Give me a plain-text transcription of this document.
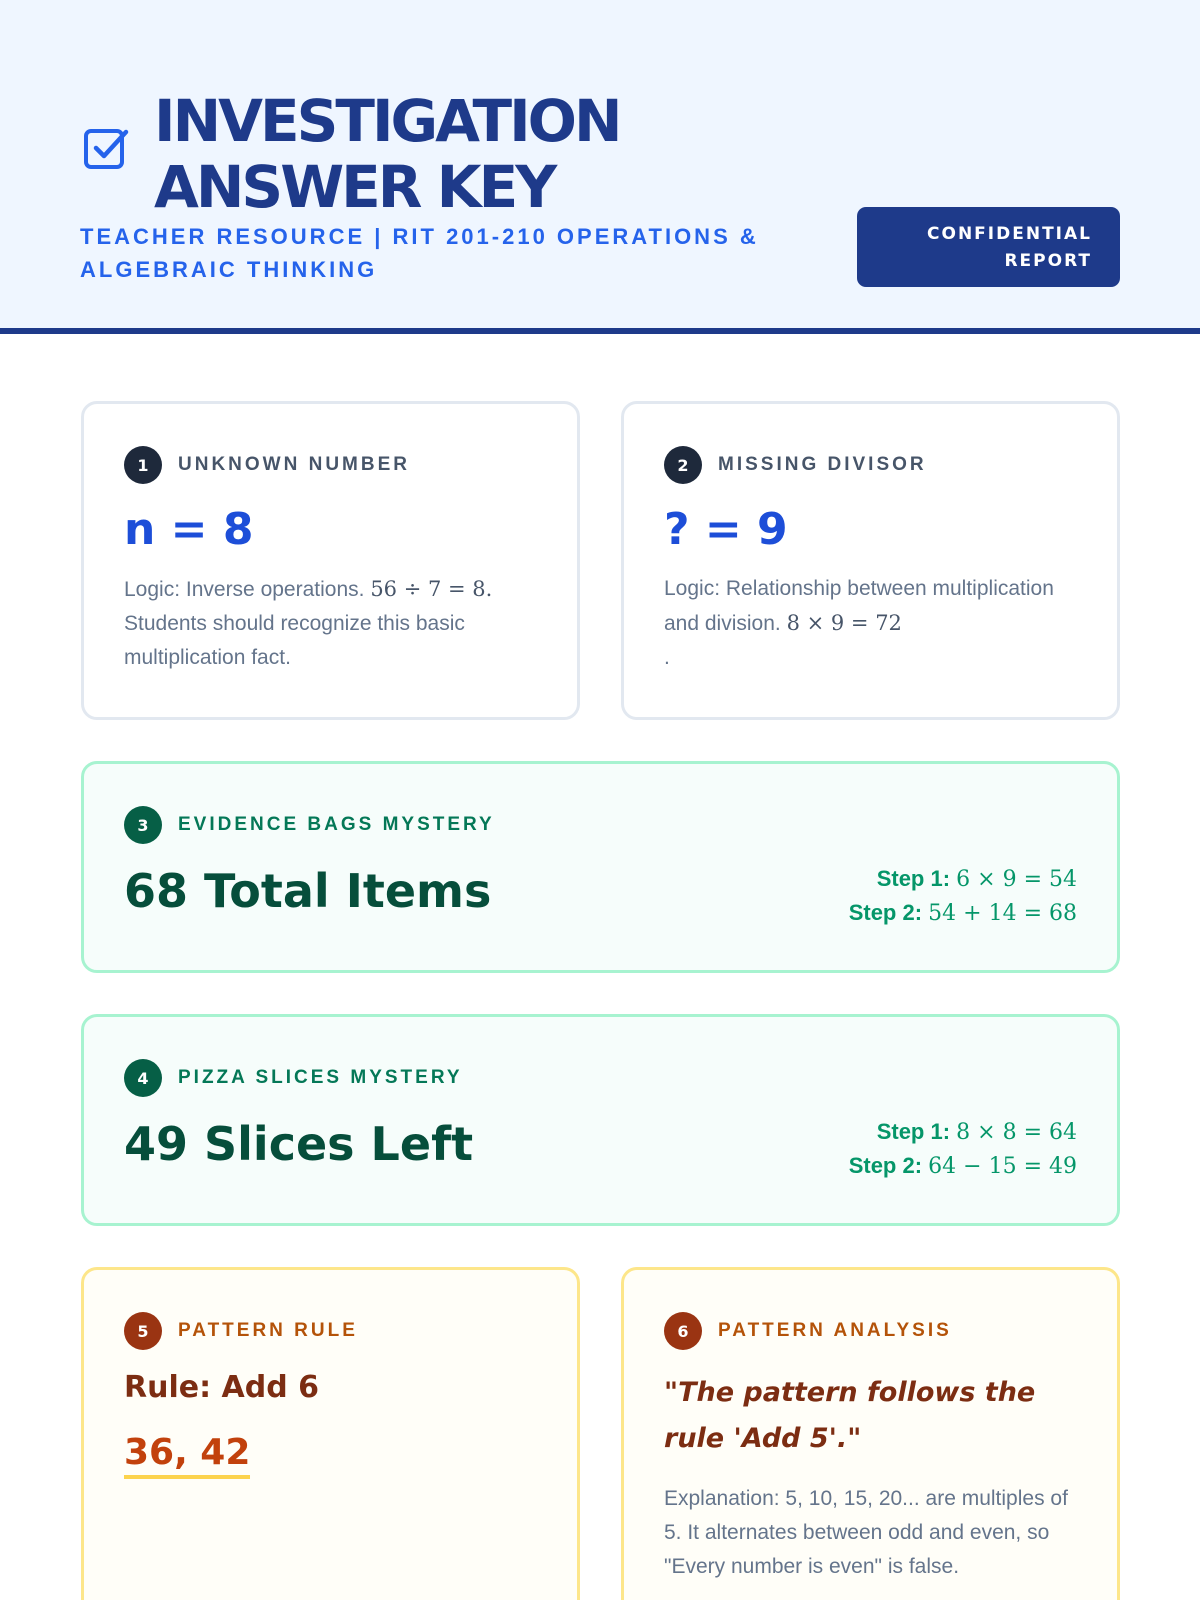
INVESTIGATION
ANSWER KEY
TEACHER RESOURCE | RIT 201-210 OPERATIONS & ALGEBRAIC THINKING
CONFIDENTIAL
REPORT
1	UNKNOWN NUMBER
n = 8
Logic: Inverse operations. 56 ÷ 7 = 8. Students should recognize this basic multiplication fact.
2	MISSING DIVISOR
? = 9
Logic: Relationship between multiplication and division. 8 × 9 = 72
.
3	EVIDENCE BAGS MYSTERY
68 Total Items	Step 1: 6 × 9 = 54
Step 2: 54 + 14 = 68
4	PIZZA SLICES MYSTERY
49 Slices Left	Step 1: 8 × 8 = 64
Step 2: 64 − 15 = 49
5	PATTERN RULE
Rule: Add 6
36, 42
6	PATTERN ANALYSIS
"The pattern follows the rule 'Add 5'."
Explanation: 5, 10, 15, 20... are multiples of 5. It alternates between odd and even, so "Every number is even" is false.
